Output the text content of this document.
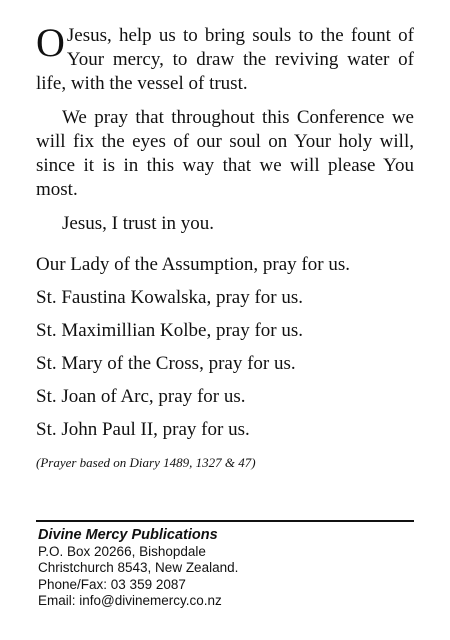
O Jesus, help us to bring souls to the fount of Your mercy, to draw the reviving water of life, with the vessel of trust.

We pray that throughout this Conference we will fix the eyes of our soul on Your holy will, since it is in this way that we will please You most.

Jesus, I trust in you.

Our Lady of the Assumption, pray for us.
St. Faustina Kowalska, pray for us.
St. Maximillian Kolbe, pray for us.
St. Mary of the Cross, pray for us.
St. Joan of Arc, pray for us.
St. John Paul II, pray for us.

(Prayer based on Diary 1489, 1327 & 47)

Divine Mercy Publications
P.O. Box 20266, Bishopdale
Christchurch 8543, New Zealand.
Phone/Fax: 03 359 2087
Email: info@divinemercy.co.nz
